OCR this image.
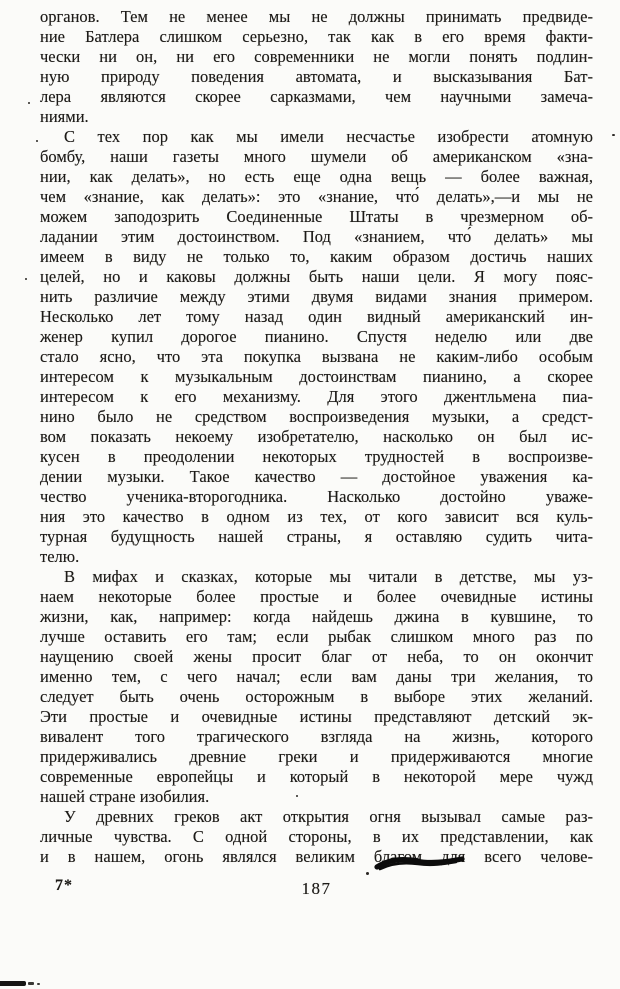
органов. Тем не менее мы не должны принимать предвиде-
ние Батлера слишком серьезно, так как в его время факти-
чески ни он, ни его современники не могли понять подлин-
ную природу поведения автомата, и высказывания Бат-
лера являются скорее сарказмами, чем научными замеча-
ниями.
С тех пор как мы имели несчастье изобрести атомную
бомбу, наши газеты много шумели об американском «зна-
нии, как делать», но есть еще одна вещь — более важная,
чем «знание, как делать»: это «знание, что́ делать»,—и мы не
можем заподозрить Соединенные Штаты в чрезмерном об-
ладании этим достоинством. Под «знанием, что́ делать» мы
имеем в виду не только то, каким образом достичь наших
целей, но и каковы должны быть наши цели. Я могу пояс-
нить различие между этими двумя видами знания примером.
Несколько лет тому назад один видный американский ин-
женер купил дорогое пианино. Спустя неделю или две
стало ясно, что эта покупка вызвана не каким-либо особым
интересом к музыкальным достоинствам пианино, а скорее
интересом к его механизму. Для этого джентльмена пиа-
нино было не средством воспроизведения музыки, а средст-
вом показать некоему изобретателю, насколько он был ис-
кусен в преодолении некоторых трудностей в воспроизве-
дении музыки. Такое качество — достойное уважения ка-
чество ученика-второгодника. Насколько достойно уваже-
ния это качество в одном из тех, от кого зависит вся куль-
турная будущность нашей страны, я оставляю судить чита-
телю.
В мифах и сказках, которые мы читали в детстве, мы уз-
наем некоторые более простые и более очевидные истины
жизни, как, например: когда найдешь джина в кувшине, то
лучше оставить его там; если рыбак слишком много раз по
наущению своей жены просит благ от неба, то он окончит
именно тем, с чего начал; если вам даны три желания, то
следует быть очень осторожным в выборе этих желаний.
Эти простые и очевидные истины представляют детский эк-
вивалент того трагического взгляда на жизнь, которого
придерживались древние греки и придерживаются многие
современные европейцы и который в некоторой мере чужд
нашей стране изобилия.
У древних греков акт открытия огня вызывал самые раз-
личные чувства. С одной стороны, в их представлении, как
и в нашем, огонь являлся великим благом для всего челове-
7*	187
